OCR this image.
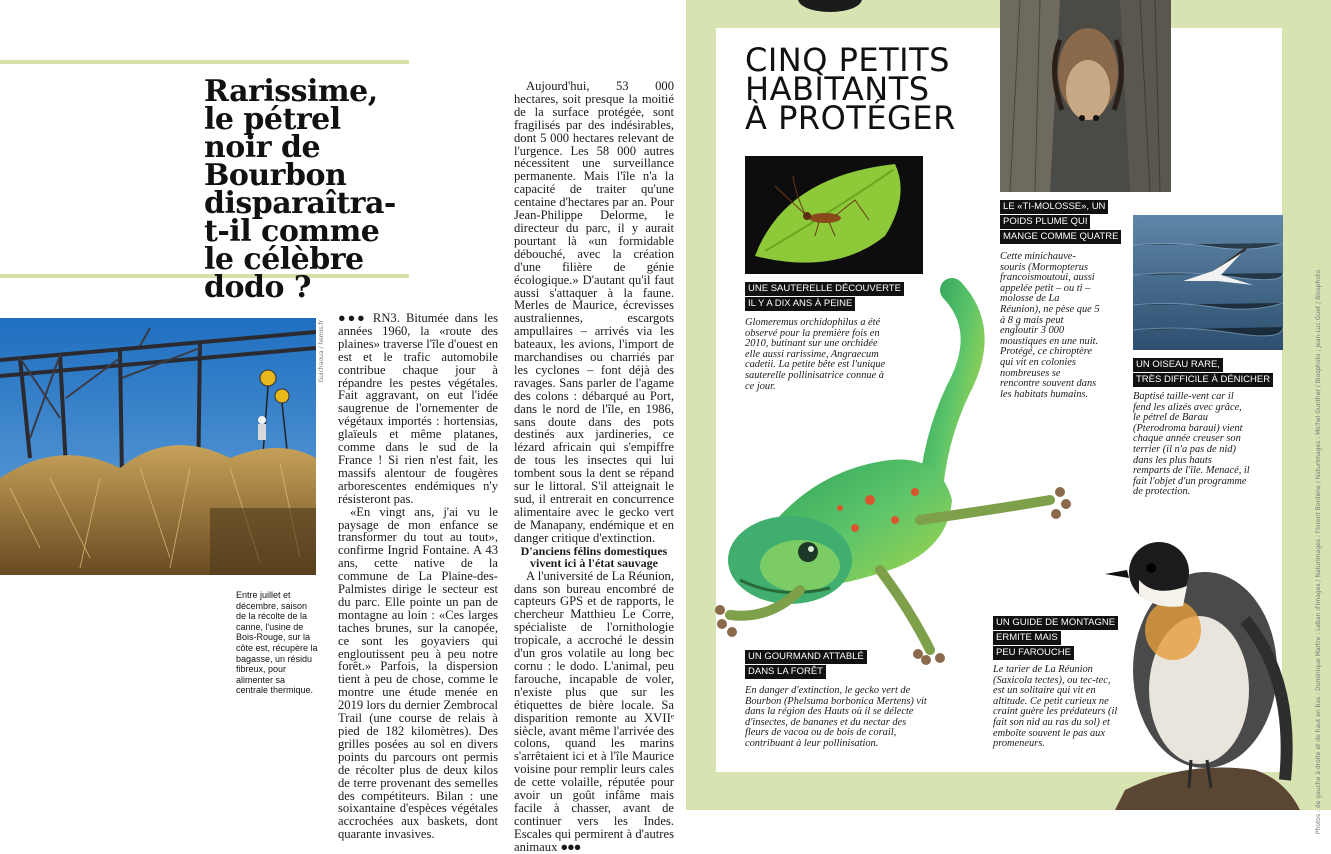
Rarissime, le pétrel noir de Bourbon disparaîtra-t-il comme le célèbre dodo ?
Guichaoua / hemis.fr
Entre juillet et décembre, saison de la récolte de la canne, l'usine de Bois-Rouge, sur la côte est, récupère la bagasse, un résidu fibreux, pour alimenter sa centrale thermique.

●●● RN3. Bitumée dans les années 1960, la «route des plaines» traverse l'île d'ouest en est et le trafic automobile contribue chaque jour à répandre les pestes végétales. Fait aggravant, on eut l'idée saugrenue de l'ornementer de végétaux importés : hortensias, glaïeuls et même platanes, comme dans le sud de la France ! Si rien n'est fait, les massifs alentour de fougères arborescentes endémiques n'y résisteront pas.

«En vingt ans, j'ai vu le paysage de mon enfance se transformer du tout au tout», confirme Ingrid Fontaine. A 43 ans, cette native de la commune de La Plaine-des-Palmistes dirige le secteur est du parc. Elle pointe un pan de montagne au loin : «Ces larges taches brunes, sur la canopée, ce sont les goyaviers qui engloutissent peu à peu notre forêt.» Parfois, la dispersion tient à peu de chose, comme le montre une étude menée en 2019 lors du dernier Zembrocal Trail (une course de relais à pied de 182 kilomètres). Des grilles posées au sol en divers points du parcours ont permis de récolter plus de deux kilos de terre provenant des semelles des compétiteurs. Bilan : une soixantaine d'espèces végétales accrochées aux baskets, dont quarante invasives.

Aujourd'hui, 53 000 hectares, soit presque la moitié de la surface protégée, sont fragilisés par des indésirables, dont 5 000 hectares relevant de l'urgence. Les 58 000 autres nécessitent une surveillance permanente. Mais l'île n'a la capacité de traiter qu'une centaine d'hectares par an. Pour Jean-Philippe Delorme, le directeur du parc, il y aurait pourtant là «un formidable débouché, avec la création d'une filière de génie écologique.» D'autant qu'il faut aussi s'attaquer à la faune. Merles de Maurice, écrevisses australiennes, escargots ampullaires – arrivés via les bateaux, les avions, l'import de marchandises ou charriés par les cyclones – font déjà des ravages. Sans parler de l'agame des colons : débarqué au Port, dans le nord de l'île, en 1986, sans doute dans des pots destinés aux jardineries, ce lézard africain qui s'empiffre de tous les insectes qui lui tombent sous la dent se répand sur le littoral. S'il atteignait le sud, il entrerait en concurrence alimentaire avec le gecko vert de Manapany, endémique et en danger critique d'extinction.

D'anciens félins domestiques vivent ici à l'état sauvage

A l'université de La Réunion, dans son bureau encombré de capteurs GPS et de rapports, le chercheur Matthieu Le Corre, spécialiste de l'ornithologie tropicale, a accroché le dessin d'un gros volatile au long bec cornu : le dodo. L'animal, peu farouche, incapable de voler, n'existe plus que sur les étiquettes de bière locale. Sa disparition remonte au XVIIᵉ siècle, avant même l'arrivée des colons, quand les marins s'arrêtaient ici et à l'île Maurice voisine pour remplir leurs cales de cette volaille, réputée pour avoir un goût infâme mais facile à chasser, avant de continuer vers les Indes. Escales qui permirent à d'autres animaux ●●●

CINQ PETITS
HABITANTS
À PROTÉGER
UNE SAUTERELLE DÉCOUVERTE
IL Y A DIX ANS À PEINE
Glomeremus orchidophilus a été observé pour la première fois en 2010, butinant sur une orchidée elle aussi rarissime, Angraecum cadetii. La petite bête est l'unique sauterelle pollinisatrice connue à ce jour.
LE «TI-MOLOSSE», UN
POIDS PLUME QUI
MANGE COMME QUATRE
Cette minichauve-souris (Mormopterus francoismoutoui, aussi appelée petit – ou ti – molosse de La Réunion), ne pèse que 5 à 8 g mais peut engloutir 3 000 moustiques en une nuit. Protégé, ce chiroptère qui vit en colonies nombreuses se rencontre souvent dans les habitats humains.
UN OISEAU RARE,
TRÈS DIFFICILE À DÉNICHER
Baptisé taille-vent car il fend les alizés avec grâce, le pétrel de Barau (Pterodroma baraui) vient chaque année creuser son terrier (il n'a pas de nid) dans les plus hauts remparts de l'île. Menacé, il fait l'objet d'un programme de protection.
UN GOURMAND ATTABLÉ
DANS LA FORÊT
En danger d'extinction, le gecko vert de Bourbon (Phelsuma borbonica Mertens) vit dans la région des Hauts où il se délecte d'insectes, de bananes et du nectar des fleurs de vacoa ou de bois de corail, contribuant à leur pollinisation.
UN GUIDE DE MONTAGNE
ERMITE MAIS
PEU FAROUCHE
Le tarier de La Réunion (Saxicola tectes), ou tec-tec, est un solitaire qui vit en altitude. Ce petit curieux ne craint guère les prédateurs (il fait son nid au ras du sol) et emboîte souvent le pas aux promeneurs.	Photos : de gauche à droite et de haut en bas : Dominique Martre ; Leban d'images / Naturimages ; Florent Bordène / Naturimages ; Michel Gunther / Biosphoto ; Jean-Luc Guet / Biosphoto
